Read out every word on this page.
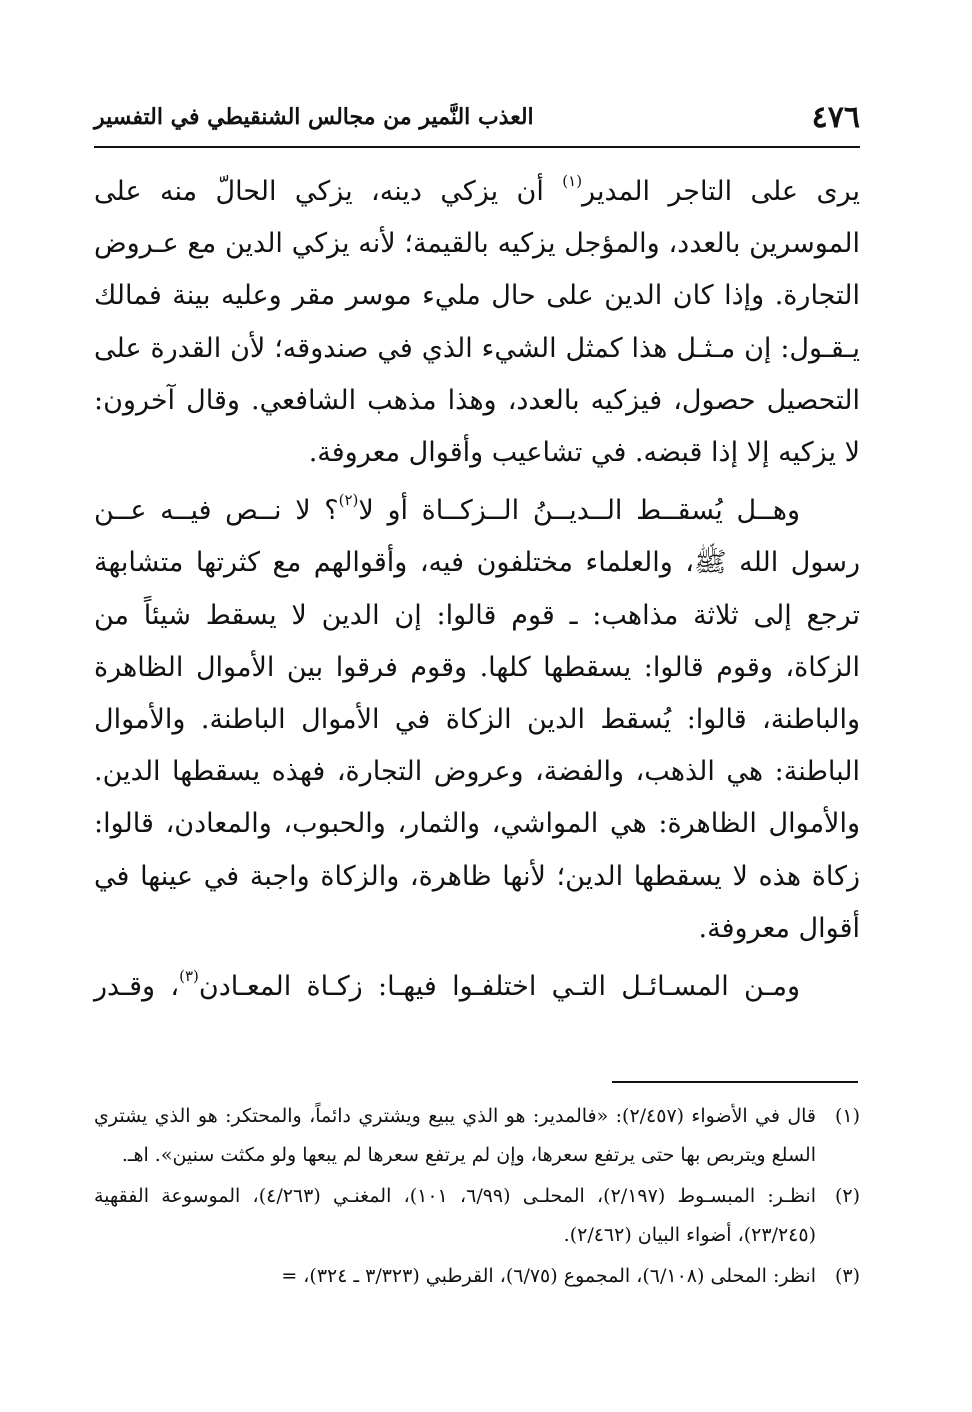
٤٧٦
العذب النَّمير من مجالس الشنقيطي في التفسير

يرى على التاجر المدير$^{(١)}$ أن يزكي دينه، يزكي الحالّ منه على الموسرين بالعدد، والمؤجل يزكيه بالقيمة؛ لأنه يزكي الدين مع عـروض التجارة. وإذا كان الدين على حال مليء موسر مقر وعليه بينة فمالك يـقـول: إن مـثـل هذا كمثل الشيء الذي في صندوقه؛ لأن القدرة على التحصيل حصول، فيزكيه بالعدد، وهذا مذهب الشافعي. وقال آخرون: لا يزكيه إلا إذا قبضه. في تشاعيب وأقوال معروفة.

وهــل يُسقــط الــديــنُ الــزكــاة أو لا$^{(٢)}$؟ لا نــص فيــه عــن رسول الله ﷺ، والعلماء مختلفون فيه، وأقوالهم مع كثرتها متشابهة ترجع إلى ثلاثة مذاهب: ـ قوم قالوا: إن الدين لا يسقط شيئاً من الزكاة، وقوم قالوا: يسقطها كلها. وقوم فرقوا بين الأموال الظاهرة والباطنة، قالوا: يُسقط الدين الزكاة في الأموال الباطنة. والأموال الباطنة: هي الذهب، والفضة، وعروض التجارة، فهذه يسقطها الدين. والأموال الظاهرة: هي المواشي، والثمار، والحبوب، والمعادن، قالوا: زكاة هذه لا يسقطها الدين؛ لأنها ظاهرة، والزكاة واجبة في عينها في أقوال معروفة.

ومـن المسـائـل التـي اختلفـوا فيهـا: زكـاة المعـادن$^{(٣)}$، وقـدر

(١)
قال في الأضواء (٢/٤٥٧): «فالمدير: هو الذي يبيع ويشتري دائماً، والمحتكر: هو الذي يشتري السلع ويتربص بها حتى يرتفع سعرها، وإن لم يرتفع سعرها لم يبعها ولو مكثت سنين». اهـ.
(٢)
انظـر: المبسـوط (٢/١٩٧)، المحلـى (٦/٩٩، ١٠١)، المغنـي (٤/٢٦٣)، الموسوعة الفقهية (٢٣/٢٤٥)، أضواء البيان (٢/٤٦٢).
(٣)
انظر: المحلى (٦/١٠٨)، المجموع (٦/٧٥)، القرطبي (٣/٣٢٣ ـ ٣٢٤)، =
